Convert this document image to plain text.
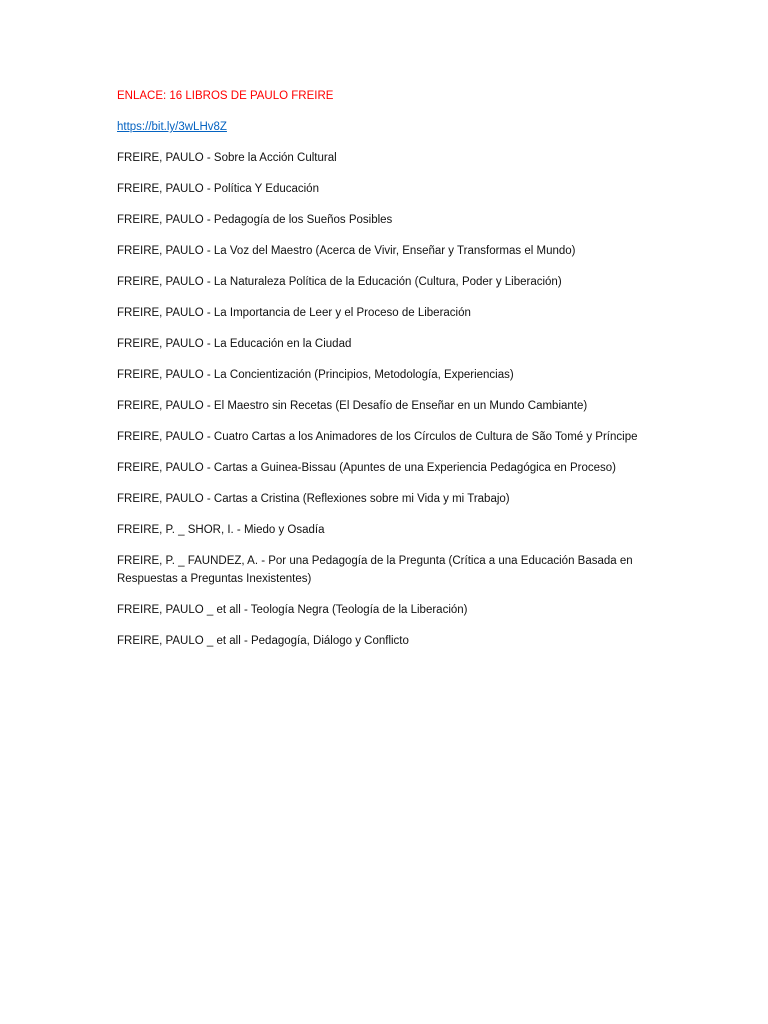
ENLACE: 16 LIBROS DE PAULO FREIRE

https://bit.ly/3wLHv8Z

FREIRE, PAULO - Sobre la Acción Cultural

FREIRE, PAULO - Política Y Educación

FREIRE, PAULO - Pedagogía de los Sueños Posibles

FREIRE, PAULO - La Voz del Maestro (Acerca de Vivir, Enseñar y Transformas el Mundo)

FREIRE, PAULO - La Naturaleza Política de la Educación (Cultura, Poder y Liberación)

FREIRE, PAULO - La Importancia de Leer y el Proceso de Liberación

FREIRE, PAULO - La Educación en la Ciudad

FREIRE, PAULO - La Concientización (Principios, Metodología, Experiencias)

FREIRE, PAULO - El Maestro sin Recetas (El Desafío de Enseñar en un Mundo Cambiante)

FREIRE, PAULO - Cuatro Cartas a los Animadores de los Círculos de Cultura de São Tomé y Príncipe

FREIRE, PAULO - Cartas a Guinea-Bissau (Apuntes de una Experiencia Pedagógica en Proceso)

FREIRE, PAULO - Cartas a Cristina (Reflexiones sobre mi Vida y mi Trabajo)

FREIRE, P. _ SHOR, I. - Miedo y Osadía

FREIRE, P. _ FAUNDEZ, A. - Por una Pedagogía de la Pregunta (Crítica a una Educación Basada en Respuestas a Preguntas Inexistentes)

FREIRE, PAULO _ et all - Teología Negra (Teología de la Liberación)

FREIRE, PAULO _ et all - Pedagogía, Diálogo y Conflicto
